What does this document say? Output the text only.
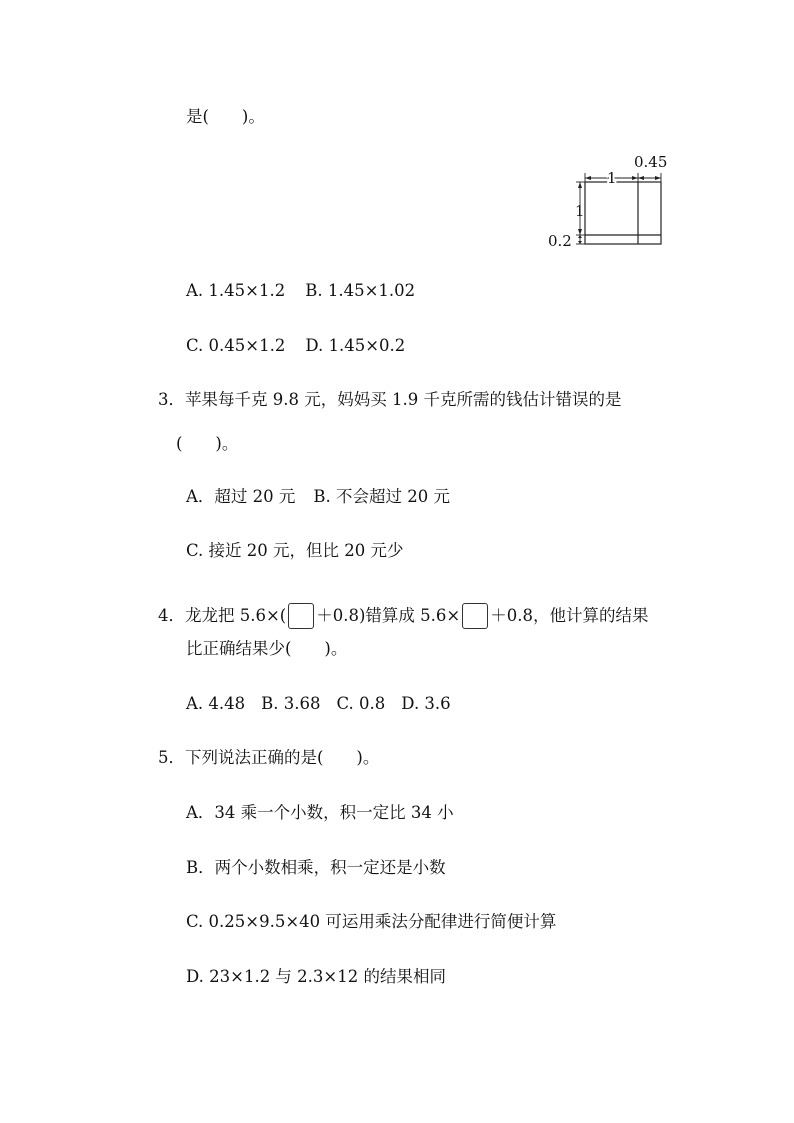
是(　　)。
0.45
1
1
0.2
A. 1.45×1.2 B. 1.45×1.02
C. 0.45×1.2 D. 1.45×0.2
3．苹果每千克 9.8 元，妈妈买 1.9 千克所需的钱估计错误的是
(　　)。
A．超过 20 元 B. 不会超过 20 元
C. 接近 20 元，但比 20 元少
4．龙龙把 5.6×( ＋0.8)错算成 5.6× ＋0.8，他计算的结果
比正确结果少(　　)。
A. 4.48 B. 3.68 C. 0.8 D. 3.6
5．下列说法正确的是(　　)。
A．34 乘一个小数，积一定比 34 小
B．两个小数相乘，积一定还是小数
C. 0.25×9.5×40 可运用乘法分配律进行简便计算
D. 23×1.2 与 2.3×12 的结果相同
